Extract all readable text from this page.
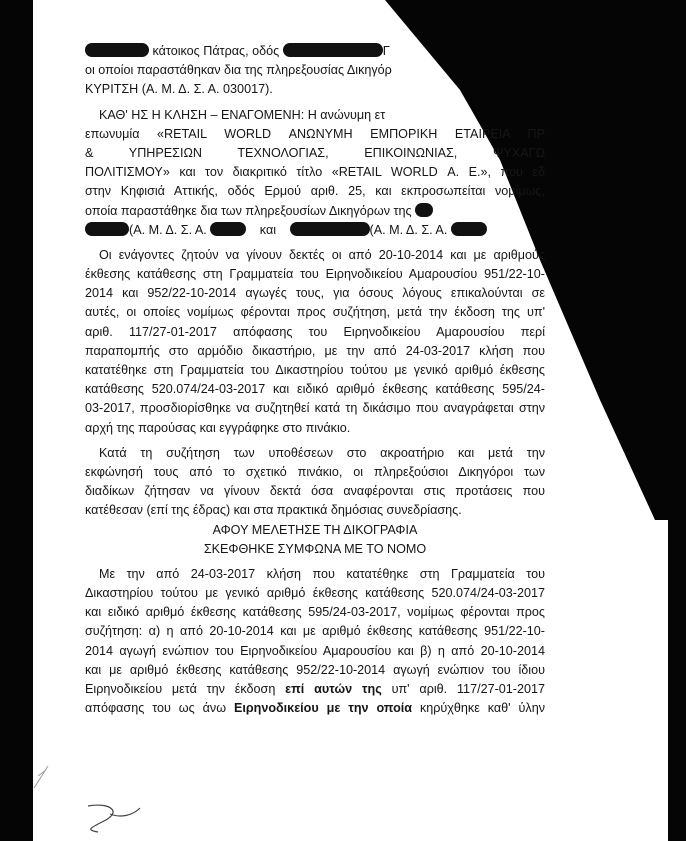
κάτοικος Πάτρας, οδός	Γ
οι οποίοι παραστάθηκαν δια της πληρεξουσίας Δικηγόρ
ΚΥΡΙΤΣΗ (Α. Μ. Δ. Σ. Α. 030017).
ΚΑΘ' ΗΣ Η ΚΛΗΣΗ – ΕΝΑΓΟΜΕΝΗ: Η ανώνυμη ετ
επωνυμία «RETAIL WORLD ΑΝΩΝΥΜΗ ΕΜΠΟΡΙΚΗ ΕΤΑΙΡΕΙΑ ΠΡ
& ΥΠΗΡΕΣΙΩΝ ΤΕΧΝΟΛΟΓΙΑΣ, ΕΠΙΚΟΙΝΩΝΙΑΣ, ΨΥΧΑΓΩ
ΠΟΛΙΤΙΣΜΟΥ» και τον διακριτικό τίτλο «RETAIL WORLD Α. Ε.», που εδ
στην Κηφισιά Αττικής, οδός Ερμού αριθ. 25, και εκπροσωπείται νομίμως,
οποία παραστάθηκε δια των πληρεξουσίων Δικηγόρων της
(Α. Μ. Δ. Σ. Α.	και	(Α. Μ. Δ. Σ. Α.
Οι ενάγοντες ζητούν να γίνουν δεκτές οι από 20-10-2014 και με αριθμούς
έκθεσης κατάθεσης στη Γραμματεία του Ειρηνοδικείου Αμαρουσίου 951/22-10-
2014 και 952/22-10-2014 αγωγές τους, για όσους λόγους επικαλούνται σε
αυτές, οι οποίες νομίμως φέρονται προς συζήτηση, μετά την έκδοση της υπ'
αριθ. 117/27-01-2017 απόφασης του Ειρηνοδικείου Αμαρουσίου περί
παραπομπής στο αρμόδιο δικαστήριο, με την από 24-03-2017 κλήση που
κατατέθηκε στη Γραμματεία του Δικαστηρίου τούτου με γενικό αριθμό έκθεσης
κατάθεσης 520.074/24-03-2017 και ειδικό αριθμό έκθεσης κατάθεσης 595/24-
03-2017, προσδιορίσθηκε να συζητηθεί κατά τη δικάσιμο που αναγράφεται στην
αρχή της παρούσας και εγγράφηκε στο πινάκιο.
Κατά τη συζήτηση των υποθέσεων στο ακροατήριο και μετά την
εκφώνησή τους από το σχετικό πινάκιο, οι πληρεξούσιοι Δικηγόροι των
διαδίκων ζήτησαν να γίνουν δεκτά όσα αναφέρονται στις προτάσεις που
κατέθεσαν (επί της έδρας) και στα πρακτικά δημόσιας συνεδρίασης.
ΑΦΟΥ ΜΕΛΕΤΗΣΕ ΤΗ ΔΙΚΟΓΡΑΦΙΑ
ΣΚΕΦΘΗΚΕ ΣΥΜΦΩΝΑ ΜΕ ΤΟ ΝΟΜΟ
Με την από 24-03-2017 κλήση που κατατέθηκε στη Γραμματεία του
Δικαστηρίου τούτου με γενικό αριθμό έκθεσης κατάθεσης 520.074/24-03-2017
και ειδικό αριθμό έκθεσης κατάθεσης 595/24-03-2017, νομίμως φέρονται προς
συζήτηση: α) η από 20-10-2014 και με αριθμό έκθεσης κατάθεσης 951/22-10-
2014 αγωγή ενώπιον του Ειρηνοδικείου Αμαρουσίου και β) η από 20-10-2014
και με αριθμό έκθεσης κατάθεσης 952/22-10-2014 αγωγή ενώπιον του ίδιου
Ειρηνοδικείου μετά την έκδοση επί αυτών της υπ' αριθ. 117/27-01-2017
απόφασης του ως άνω Ειρηνοδικείου με την οποία κηρύχθηκε καθ' ύλην
